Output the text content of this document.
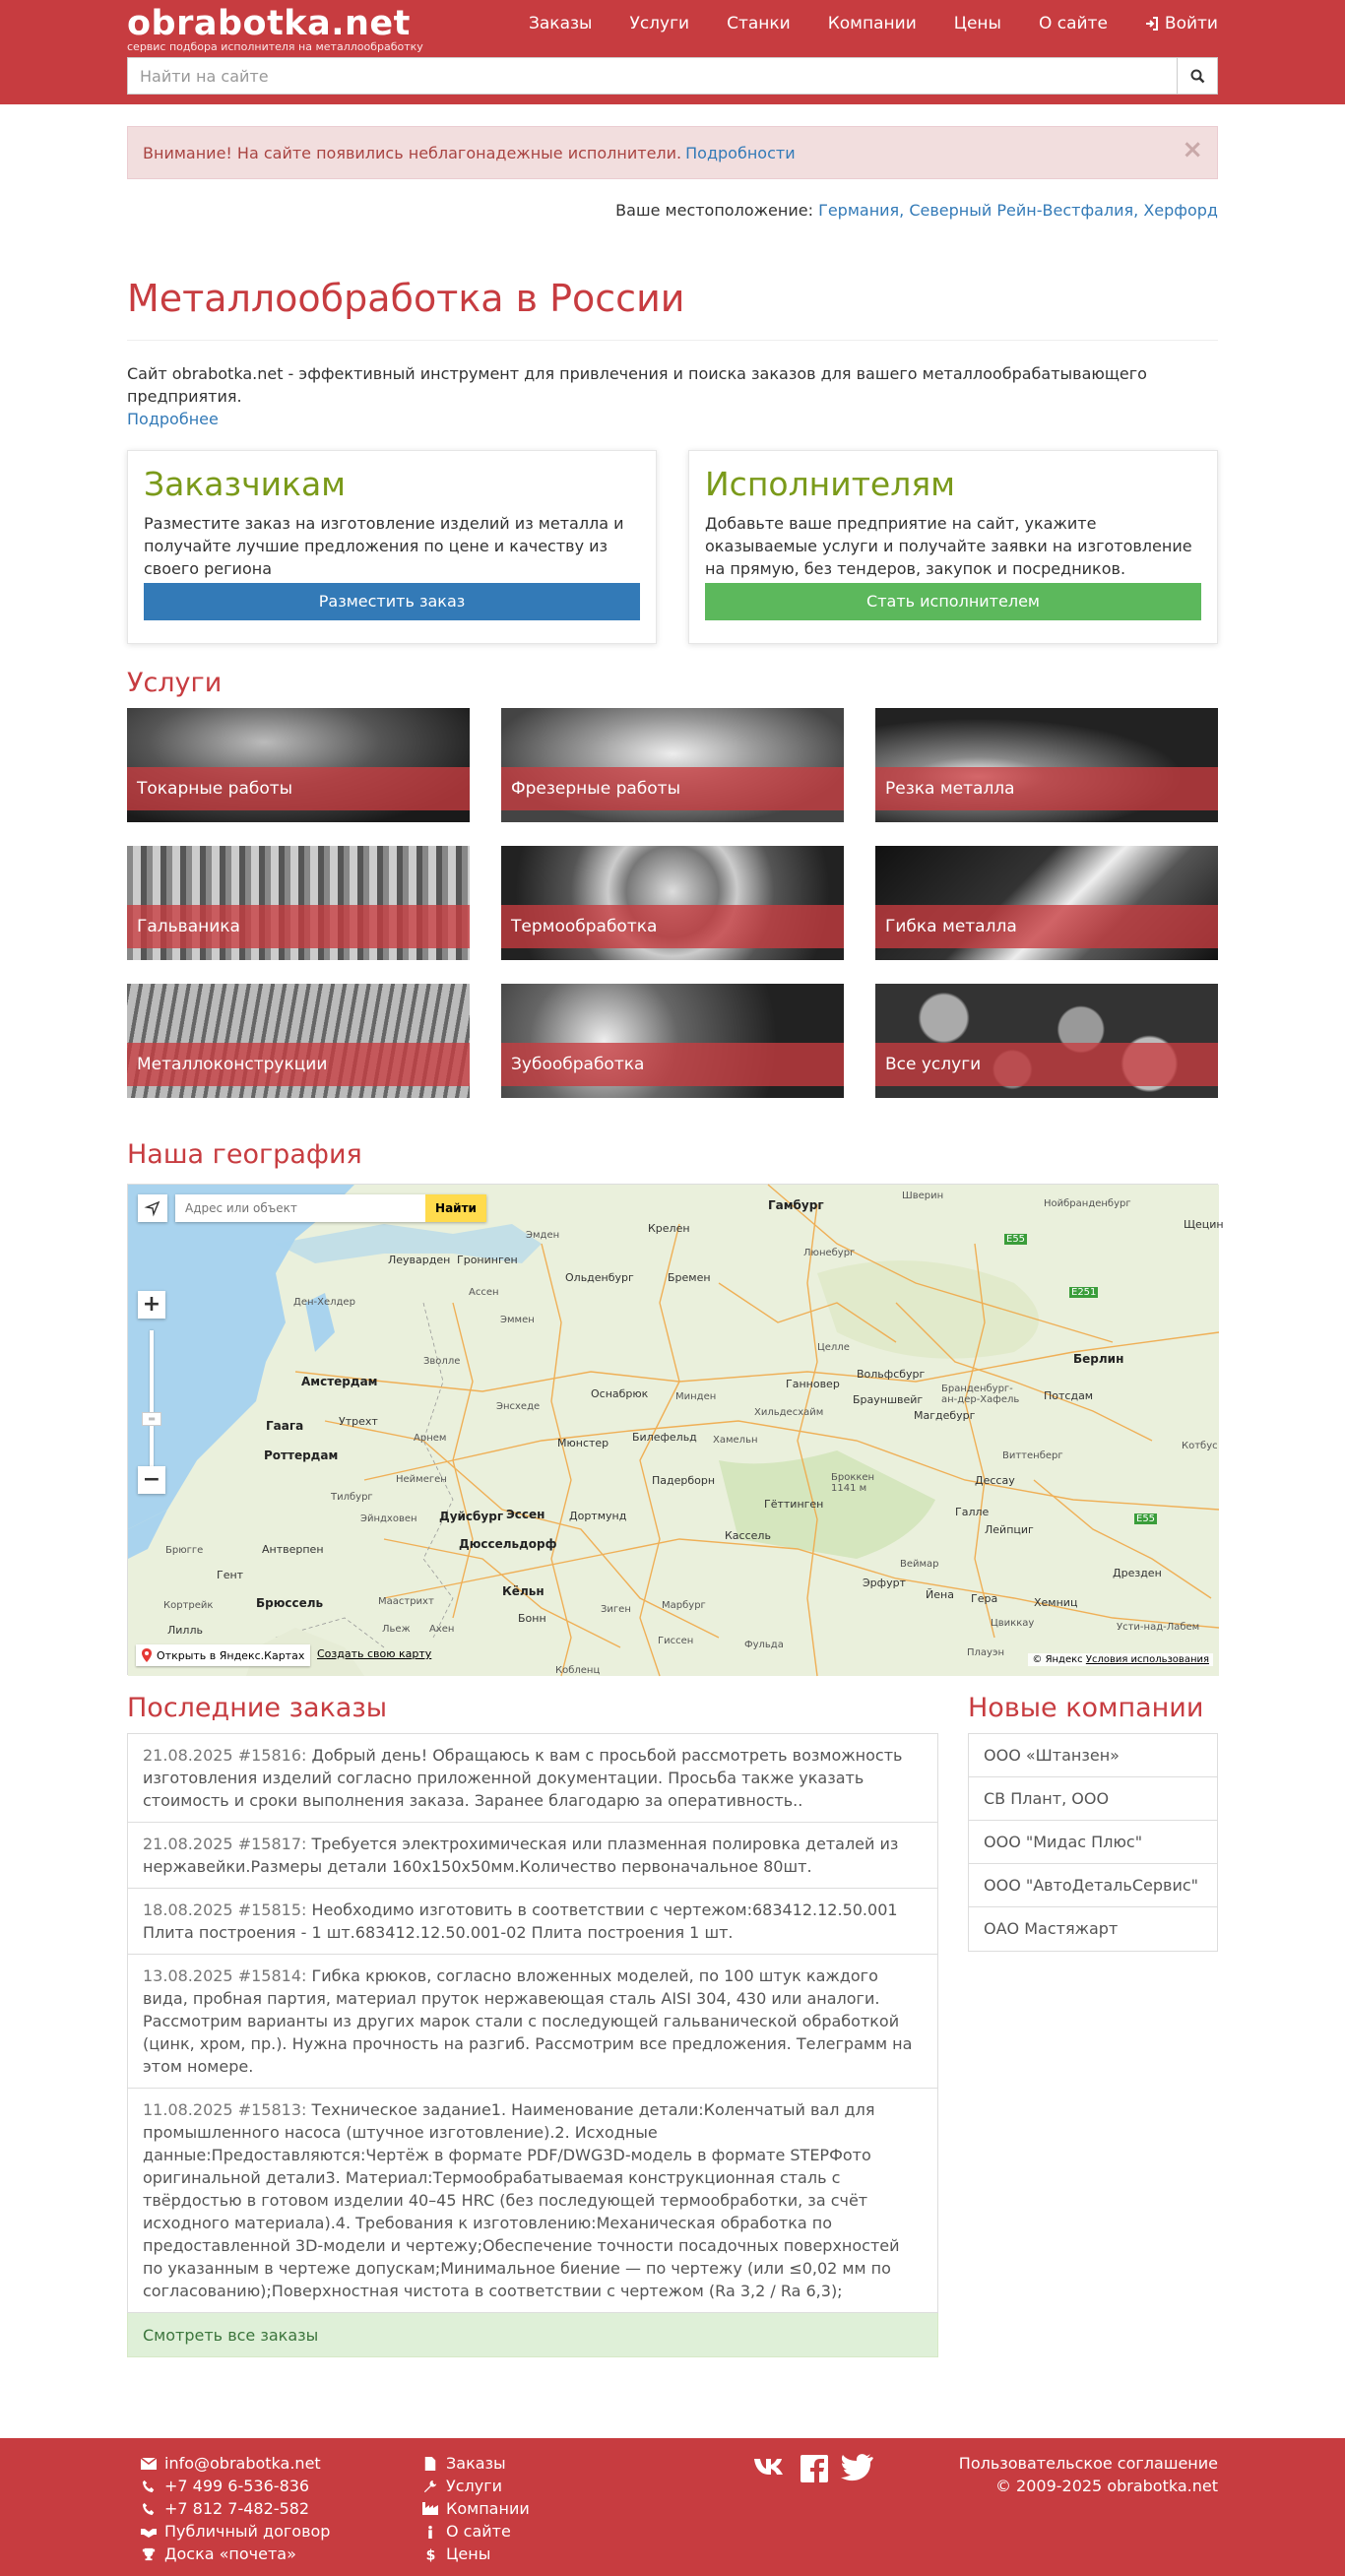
obrabotka.net
сервис подбора исполнителя на металлообработку
Заказы Услуги Станки Компании Цены О сайте	Войти
Найти на сайте
Внимание! На сайте появились неблагонадежные исполнители. Подробности	×
Ваше местоположение: Германия, Северный Рейн-Вестфалия, Херфорд
Металлообработка в России
Сайт obrabotka.net - эффективный инструмент для привлечения и поиска заказов для вашего металлообрабатывающего предприятия.
Подробнее
Заказчикам

Разместите заказ на изготовление изделий из металла и получайте лучшие предложения по цене и качеству из своего региона

Разместить заказ
Исполнителям

Добавьте ваше предприятие на сайт, укажите оказываемые услуги и получайте заявки на изготовление на прямую, без тендеров, закупок и посредников.

Стать исполнителем
Услуги
Токарные работы	Фрезерные работы	Резка металла
Гальваника	Термообработка	Гибка металла
Металлоконструкции	Зубообработка	Все услуги
Наша география
Гамбург
Бремен
Берлин
Амстердам
Роттердам
Гаага	Утрехт
Дуйсбург Эссен Дортмунд
Дюссельдорф
Кёльн
Бонн
Брюссель
Антверпен
Гент
Лилль
Мюнстер
Оснабрюк
Билефельд
Ганновер
Кассель
Эрфурт
Лейпциг
Галле
Магдебург
Брауншвейг
Вольфсбург
Потсдам
Дессау
Дрезден
Хемниц
Йена Гера
Гёттинген
Падерборн
Гронинген
Леуварден
Эмден
Ольденбург
Люнебург
Шверин
Нойбранденбург
Щецин
Крелен
Зволле
Эммен
Ассен
Энсхеде
Арнем
Неймеген
Тилбург
Эйндховен
Маастрихт
Льеж Ахен
Зиген	Марбург
Гиссен	Фульда
Кобленц
Хамельн
Минден
Хильдесхайм
Виттенберг
Целле
Брюгге
Кортрейк
Ден-Хелдер
Бранденбург-ан-дер-Хафель
Броккен 1141 м
Цвиккау
Плауэн
Усти-над-Лабем
Веймар
Котбус
E55
E251
E55
Адрес или объект
Найти
+
▬
−
Открыть в Яндекс.Картах Создать свою карту	© Яндекс Условия использования
Последние заказы
21.08.2025 #15816: Добрый день! Обращаюсь к вам с просьбой рассмотреть возможность изготовления изделий согласно приложенной документации. Просьба также указать стоимость и сроки выполнения заказа. Заранее благодарю за оперативность..
21.08.2025 #15817: Требуется электрохимическая или плазменная полировка деталей из нержавейки.Размеры детали 160х150х50мм.Количество первоначальное 80шт.
18.08.2025 #15815: Необходимо изготовить в соответствии с чертежом:683412.12.50.001 Плита построения - 1 шт.683412.12.50.001-02 Плита построения 1 шт.
13.08.2025 #15814: Гибка крюков, согласно вложенных моделей, по 100 штук каждого вида, пробная партия, материал пруток нержавеющая сталь AISI 304, 430 или аналоги. Рассмотрим варианты из других марок стали с последующей гальванической обработкой (цинк, хром, пр.). Нужна прочность на разгиб. Рассмотрим все предложения. Телеграмм на этом номере.
11.08.2025 #15813: Техническое задание1. Наименование детали:Коленчатый вал для промышленного насоса (штучное изготовление).2. Исходные данные:Предоставляются:Чертёж в формате PDF/DWG3D-модель в формате STEPФото оригинальной детали3. Материал:Термообрабатываемая конструкционная сталь с твёрдостью в готовом изделии 40–45 HRC (без последующей термообработки, за счёт исходного материала).4. Требования к изготовлению:Механическая обработка по предоставленной 3D-модели и чертежу;Обеспечение точности посадочных поверхностей по указанным в чертеже допускам;Минимальное биение — по чертежу (или ≤0,02 мм по согласованию);Поверхностная чистота в соответствии с чертежом (Ra 3,2 / Ra 6,3);
Смотреть все заказы
Новые компании
ООО «Штанзен»
СВ Плант, ООО
ООО "Мидас Плюс"
ООО "АвтоДетальСервис"
ОАО Мастяжарт
info@obrabotka.net
+7 499 6-536-836
+7 812 7-482-582
Публичный договор
Доска «почета»
Заказы
Услуги
Компании
О сайте
$ Цены
Пользовательское соглашение
© 2009-2025 obrabotka.net
